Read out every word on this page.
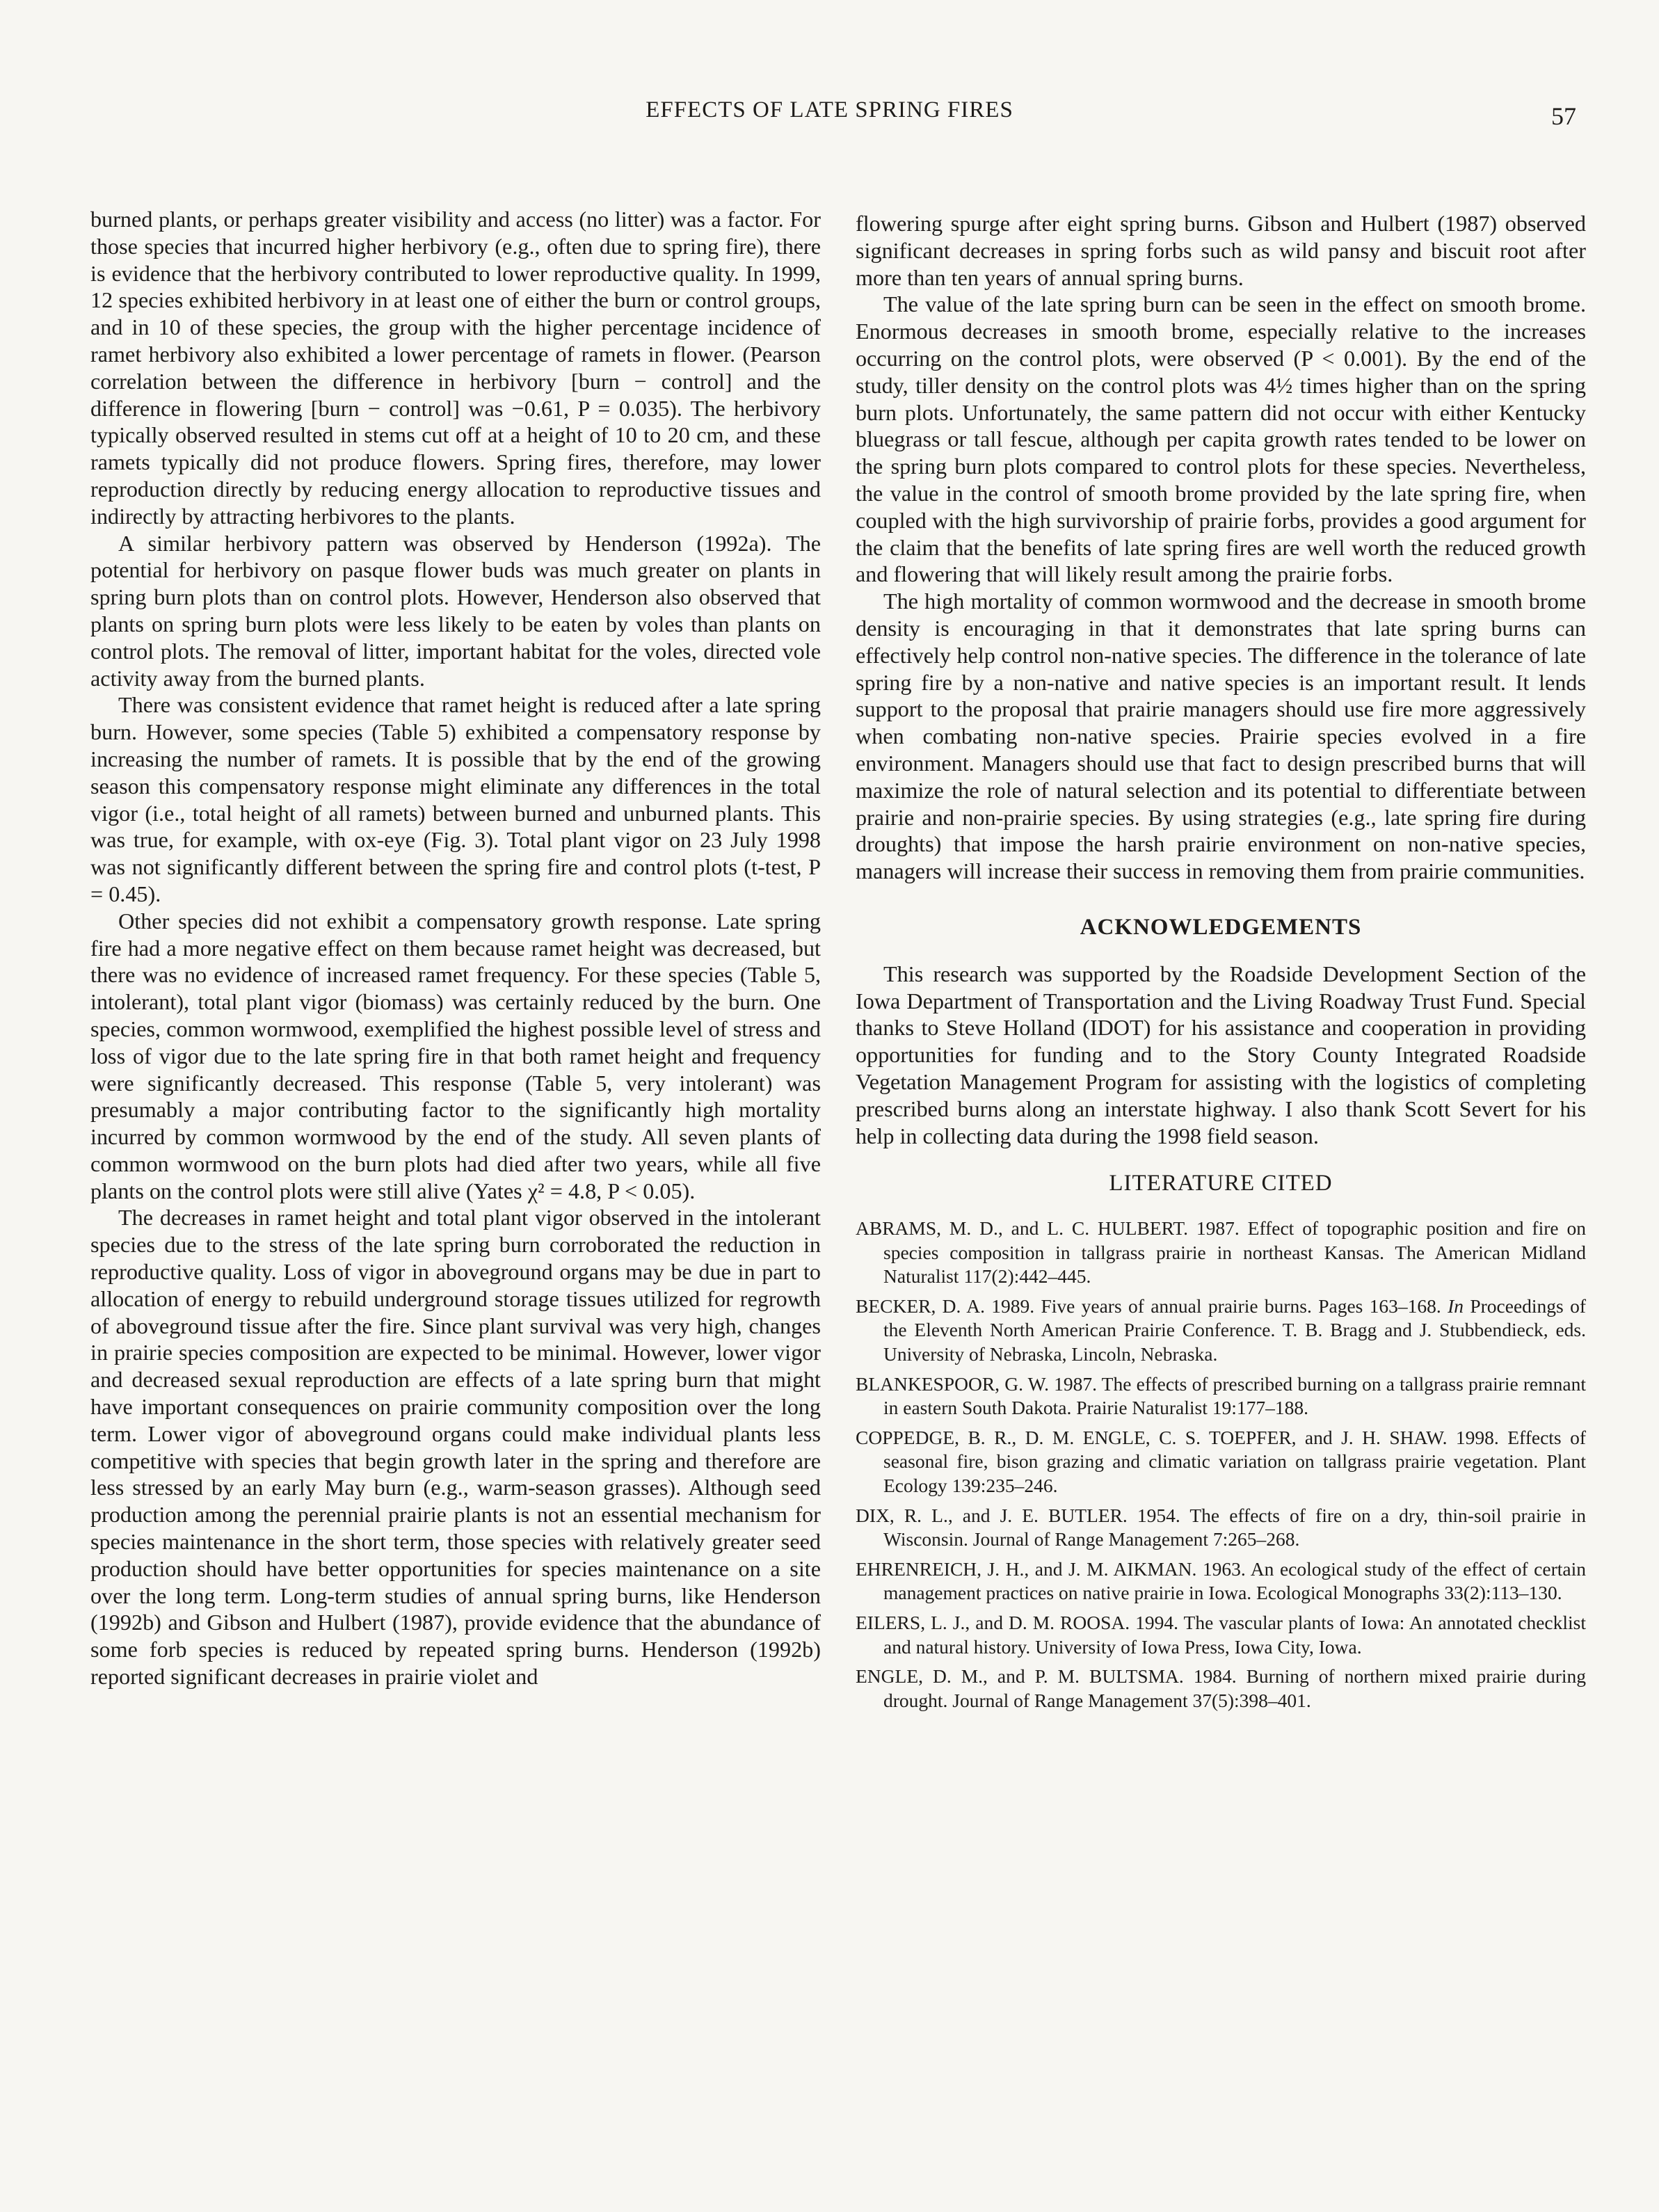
EFFECTS OF LATE SPRING FIRES	57

burned plants, or perhaps greater visibility and access (no litter) was a factor. For those species that incurred higher herbivory (e.g., often due to spring fire), there is evidence that the herbivory contributed to lower reproductive quality. In 1999, 12 species exhibited herbivory in at least one of either the burn or control groups, and in 10 of these species, the group with the higher percentage incidence of ramet herbivory also exhibited a lower percentage of ramets in flower. (Pearson correlation between the difference in herbivory [burn − control] and the difference in flowering [burn − control] was −0.61, P = 0.035). The herbivory typically observed resulted in stems cut off at a height of 10 to 20 cm, and these ramets typically did not produce flowers. Spring fires, therefore, may lower reproduction directly by reducing energy allocation to reproductive tissues and indirectly by attracting herbivores to the plants.

A similar herbivory pattern was observed by Henderson (1992a). The potential for herbivory on pasque flower buds was much greater on plants in spring burn plots than on control plots. However, Henderson also observed that plants on spring burn plots were less likely to be eaten by voles than plants on control plots. The removal of litter, important habitat for the voles, directed vole activity away from the burned plants.

There was consistent evidence that ramet height is reduced after a late spring burn. However, some species (Table 5) exhibited a compensatory response by increasing the number of ramets. It is possible that by the end of the growing season this compensatory response might eliminate any differences in the total vigor (i.e., total height of all ramets) between burned and unburned plants. This was true, for example, with ox-eye (Fig. 3). Total plant vigor on 23 July 1998 was not significantly different between the spring fire and control plots (t-test, P = 0.45).

Other species did not exhibit a compensatory growth response. Late spring fire had a more negative effect on them because ramet height was decreased, but there was no evidence of increased ramet frequency. For these species (Table 5, intolerant), total plant vigor (biomass) was certainly reduced by the burn. One species, common wormwood, exemplified the highest possible level of stress and loss of vigor due to the late spring fire in that both ramet height and frequency were significantly decreased. This response (Table 5, very intolerant) was presumably a major contributing factor to the significantly high mortality incurred by common wormwood by the end of the study. All seven plants of common wormwood on the burn plots had died after two years, while all five plants on the control plots were still alive (Yates χ² = 4.8, P < 0.05).

The decreases in ramet height and total plant vigor observed in the intolerant species due to the stress of the late spring burn corroborated the reduction in reproductive quality. Loss of vigor in aboveground organs may be due in part to allocation of energy to rebuild underground storage tissues utilized for regrowth of aboveground tissue after the fire. Since plant survival was very high, changes in prairie species composition are expected to be minimal. However, lower vigor and decreased sexual reproduction are effects of a late spring burn that might have important consequences on prairie community composition over the long term. Lower vigor of aboveground organs could make individual plants less competitive with species that begin growth later in the spring and therefore are less stressed by an early May burn (e.g., warm-season grasses). Although seed production among the perennial prairie plants is not an essential mechanism for species maintenance in the short term, those species with relatively greater seed production should have better opportunities for species maintenance on a site over the long term. Long-term studies of annual spring burns, like Henderson (1992b) and Gibson and Hulbert (1987), provide evidence that the abundance of some forb species is reduced by repeated spring burns. Henderson (1992b) reported significant decreases in prairie violet and

flowering spurge after eight spring burns. Gibson and Hulbert (1987) observed significant decreases in spring forbs such as wild pansy and biscuit root after more than ten years of annual spring burns.

The value of the late spring burn can be seen in the effect on smooth brome. Enormous decreases in smooth brome, especially relative to the increases occurring on the control plots, were observed (P < 0.001). By the end of the study, tiller density on the control plots was 4½ times higher than on the spring burn plots. Unfortunately, the same pattern did not occur with either Kentucky bluegrass or tall fescue, although per capita growth rates tended to be lower on the spring burn plots compared to control plots for these species. Nevertheless, the value in the control of smooth brome provided by the late spring fire, when coupled with the high survivorship of prairie forbs, provides a good argument for the claim that the benefits of late spring fires are well worth the reduced growth and flowering that will likely result among the prairie forbs.

The high mortality of common wormwood and the decrease in smooth brome density is encouraging in that it demonstrates that late spring burns can effectively help control non-native species. The difference in the tolerance of late spring fire by a non-native and native species is an important result. It lends support to the proposal that prairie managers should use fire more aggressively when combating non-native species. Prairie species evolved in a fire environment. Managers should use that fact to design prescribed burns that will maximize the role of natural selection and its potential to differentiate between prairie and non-prairie species. By using strategies (e.g., late spring fire during droughts) that impose the harsh prairie environment on non-native species, managers will increase their success in removing them from prairie communities.

ACKNOWLEDGEMENTS

This research was supported by the Roadside Development Section of the Iowa Department of Transportation and the Living Roadway Trust Fund. Special thanks to Steve Holland (IDOT) for his assistance and cooperation in providing opportunities for funding and to the Story County Integrated Roadside Vegetation Management Program for assisting with the logistics of completing prescribed burns along an interstate highway. I also thank Scott Severt for his help in collecting data during the 1998 field season.

LITERATURE CITED
ABRAMS, M. D., and L. C. HULBERT. 1987. Effect of topographic position and fire on species composition in tallgrass prairie in northeast Kansas. The American Midland Naturalist 117(2):442–445.
BECKER, D. A. 1989. Five years of annual prairie burns. Pages 163–168. In Proceedings of the Eleventh North American Prairie Conference. T. B. Bragg and J. Stubbendieck, eds. University of Nebraska, Lincoln, Nebraska.
BLANKESPOOR, G. W. 1987. The effects of prescribed burning on a tallgrass prairie remnant in eastern South Dakota. Prairie Naturalist 19:177–188.
COPPEDGE, B. R., D. M. ENGLE, C. S. TOEPFER, and J. H. SHAW. 1998. Effects of seasonal fire, bison grazing and climatic variation on tallgrass prairie vegetation. Plant Ecology 139:235–246.
DIX, R. L., and J. E. BUTLER. 1954. The effects of fire on a dry, thin-soil prairie in Wisconsin. Journal of Range Management 7:265–268.
EHRENREICH, J. H., and J. M. AIKMAN. 1963. An ecological study of the effect of certain management practices on native prairie in Iowa. Ecological Monographs 33(2):113–130.
EILERS, L. J., and D. M. ROOSA. 1994. The vascular plants of Iowa: An annotated checklist and natural history. University of Iowa Press, Iowa City, Iowa.
ENGLE, D. M., and P. M. BULTSMA. 1984. Burning of northern mixed prairie during drought. Journal of Range Management 37(5):398–401.
